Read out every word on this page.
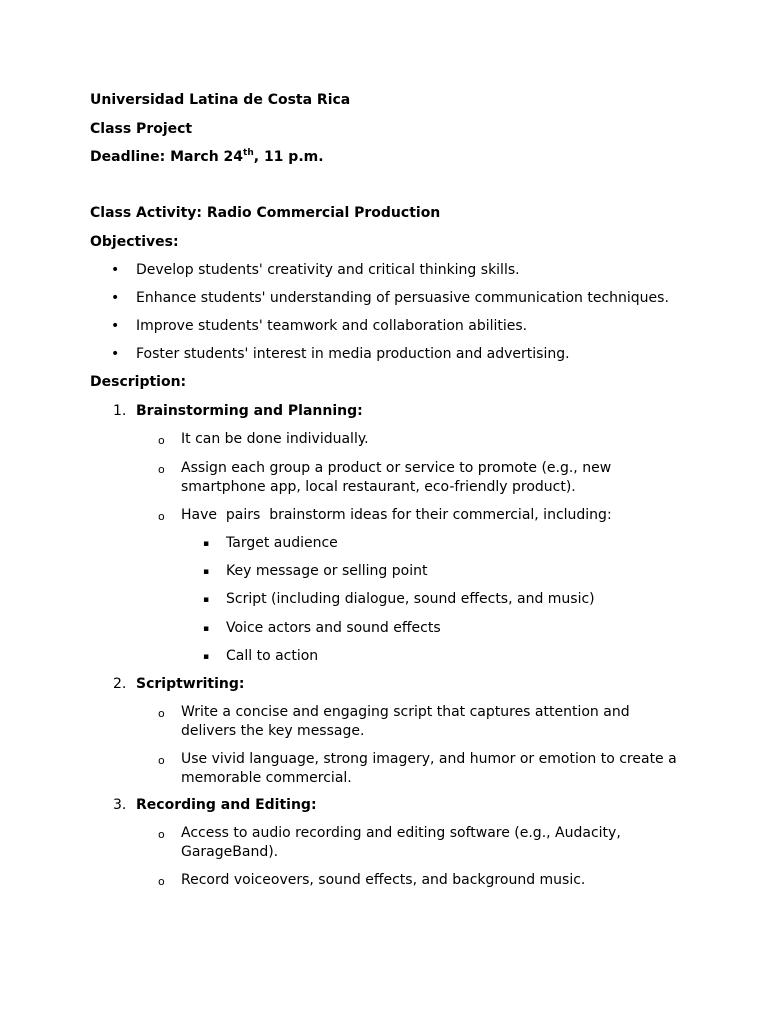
Universidad Latina de Costa Rica
Class Project
Deadline: March 24th, 11 p.m.
Class Activity: Radio Commercial Production
Objectives:
• Develop students' creativity and critical thinking skills.
• Enhance students' understanding of persuasive communication techniques.
• Improve students' teamwork and collaboration abilities.
• Foster students' interest in media production and advertising.
Description:
1. Brainstorming and Planning:
o It can be done individually.
o Assign each group a product or service to promote (e.g., new smartphone app, local restaurant, eco-friendly product).
o Have  pairs  brainstorm ideas for their commercial, including:
▪ Target audience
▪ Key message or selling point
▪ Script (including dialogue, sound effects, and music)
▪ Voice actors and sound effects
▪ Call to action
2. Scriptwriting:
o Write a concise and engaging script that captures attention and delivers the key message.
o Use vivid language, strong imagery, and humor or emotion to create a memorable commercial.
3. Recording and Editing:
o Access to audio recording and editing software (e.g., Audacity, GarageBand).
o Record voiceovers, sound effects, and background music.
